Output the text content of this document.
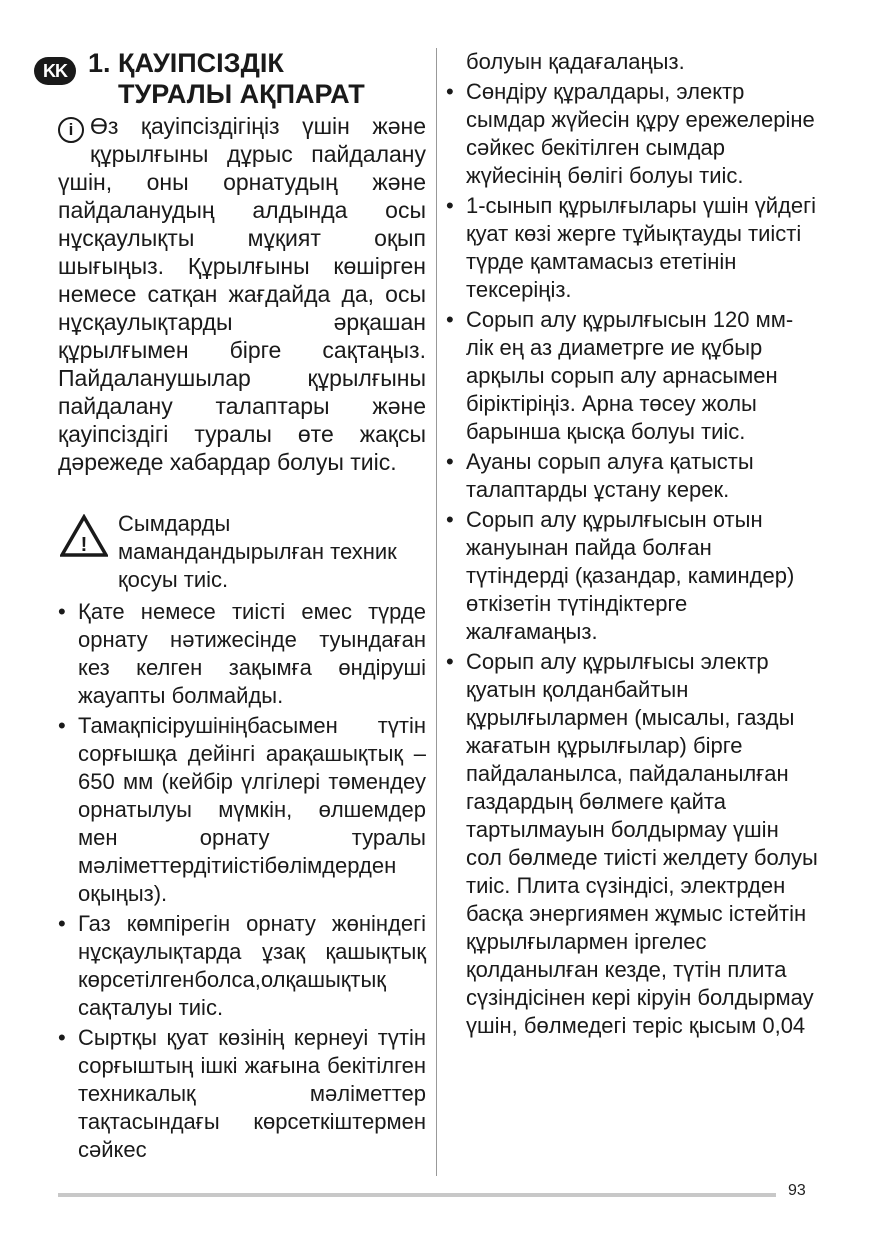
KK 1. ҚАУІПСІЗДІК
ТУРАЛЫ АҚПАРАТ
i Өз қауіпсіздігіңіз үшін және құрылғыны дұрыс пайдалану үшін, оны орнатудың және пайдаланудың алдында осы нұсқаулықты мұқият оқып шығыңыз. Құрылғыны көшірген немесе сатқан жағдайда да, осы нұсқаулықтарды әрқашан құрылғымен бірге сақтаңыз. Пайдаланушылар құрылғыны пайдалану талаптары және қауіпсіздігі туралы өте жақсы дәрежеде хабардар болуы тиіс.
!
Сымдарды мамандандырылған техник қосуы тиіс.
• Қате немесе тиісті емес түрде орнату нәтижесінде туындаған кез келген зақымға өндіруші жауапты болмайды.
• Тамақпісірушініңбасымен түтін сорғышқа дейінгі арақашықтық – 650 мм (кейбір үлгілері төмендеу орнатылуы мүмкін, өлшемдер мен орнату туралы мәліметтердітиістібөлімдерден оқыңыз).
• Газ көмпірегін орнату жөніндегі нұсқаулықтарда ұзақ қашықтық көрсетілгенболса,олқашықтық сақталуы тиіс.
• Сыртқы қуат көзінің кернеуі түтін сорғыштың ішкі жағына бекітілген техникалық мәліметтер тақтасындағы көрсеткіштермен сәйкес
болуын қадағалаңыз.
• Сөндіру құралдары, электр сымдар жүйесін құру ережелеріне сәйкес бекітілген сымдар жүйесінің бөлігі болуы тиіс.
• 1-сынып құрылғылары үшін үйдегі қуат көзі жерге тұйықтауды тиісті түрде қамтамасыз ететінін тексеріңіз.
• Сорып алу құрылғысын 120 мм-лік ең аз диаметрге ие құбыр арқылы сорып алу арнасымен біріктіріңіз. Арна төсеу жолы барынша қысқа болуы тиіс.
• Ауаны сорып алуға қатысты талаптарды ұстану керек.
• Сорып алу құрылғысын отын жануынан пайда болған түтіндерді (қазандар, каминдер) өткізетін түтіндіктерге жалғамаңыз.
• Сорып алу құрылғысы электр қуатын қолданбайтын құрылғылармен (мысалы, газды жағатын құрылғылар) бірге пайдаланылса, пайдаланылған газдардың бөлмеге қайта тартылмауын болдырмау үшін сол бөлмеде тиісті желдету болуы тиіс. Плита сүзіндісі, электрден басқа энергиямен жұмыс істейтін құрылғылармен іргелес қолданылған кезде, түтін плита сүзіндісінен кері кіруін болдырмау үшін, бөлмедегі теріс қысым 0,04
93
